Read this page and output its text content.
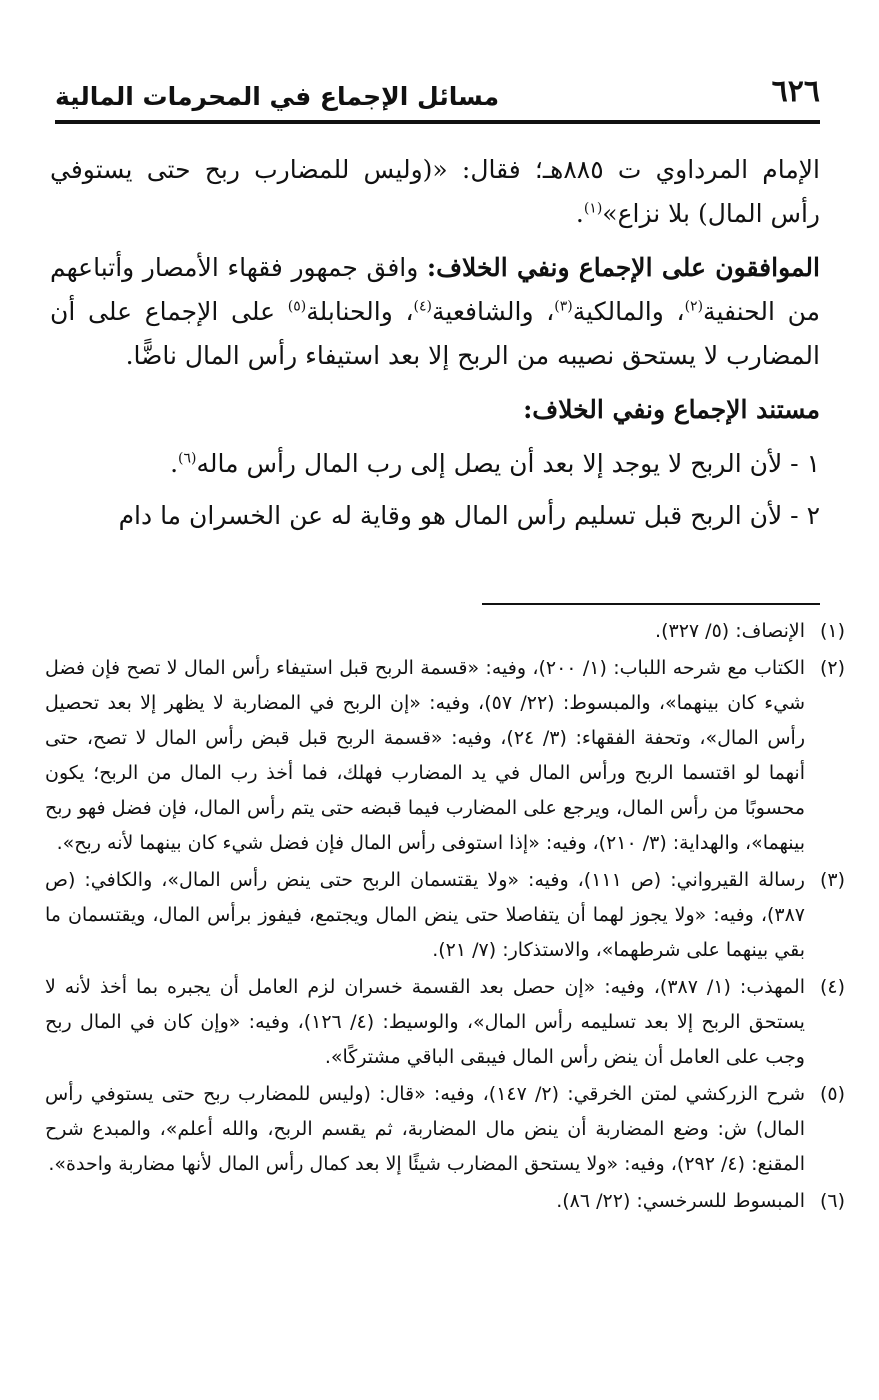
٦٢٦
مسائل الإجماع في المحرمات المالية

الإمام المرداوي ت ٨٨٥هـ؛ فقال: «(وليس للمضارب ربح حتى يستوفي رأس المال) بلا نزاع»$^{(١)}$.

الموافقون على الإجماع ونفي الخلاف: وافق جمهور فقهاء الأمصار وأتباعهم من الحنفية$^{(٢)}$، والمالكية$^{(٣)}$، والشافعية$^{(٤)}$، والحنابلة$^{(٥)}$ على الإجماع على أن المضارب لا يستحق نصيبه من الربح إلا بعد استيفاء رأس المال ناضًّا.

مستند الإجماع ونفي الخلاف:

١ - لأن الربح لا يوجد إلا بعد أن يصل إلى رب المال رأس ماله$^{(٦)}$.

٢ - لأن الربح قبل تسليم رأس المال هو وقاية له عن الخسران ما دام

(١)
الإنصاف: (٥/ ٣٢٧).
(٢)
الكتاب مع شرحه اللباب: (١/ ٢٠٠)، وفيه: «قسمة الربح قبل استيفاء رأس المال لا تصح فإن فضل شيء كان بينهما»، والمبسوط: (٢٢/ ٥٧)، وفيه: «إن الربح في المضاربة لا يظهر إلا بعد تحصيل رأس المال»، وتحفة الفقهاء: (٣/ ٢٤)، وفيه: «قسمة الربح قبل قبض رأس المال لا تصح، حتى أنهما لو اقتسما الربح ورأس المال في يد المضارب فهلك، فما أخذ رب المال من الربح؛ يكون محسوبًا من رأس المال، ويرجع على المضارب فيما قبضه حتى يتم رأس المال، فإن فضل فهو ربح بينهما»، والهداية: (٣/ ٢١٠)، وفيه: «إذا استوفى رأس المال فإن فضل شيء كان بينهما لأنه ربح».
(٣)
رسالة القيرواني: (ص ١١١)، وفيه: «ولا يقتسمان الربح حتى ينض رأس المال»، والكافي: (ص ٣٨٧)، وفيه: «ولا يجوز لهما أن يتفاصلا حتى ينض المال ويجتمع، فيفوز برأس المال، ويقتسمان ما بقي بينهما على شرطهما»، والاستذكار: (٧/ ٢١).
(٤)
المهذب: (١/ ٣٨٧)، وفيه: «إن حصل بعد القسمة خسران لزم العامل أن يجبره بما أخذ لأنه لا يستحق الربح إلا بعد تسليمه رأس المال»، والوسيط: (٤/ ١٢٦)، وفيه: «وإن كان في المال ربح وجب على العامل أن ينض رأس المال فيبقى الباقي مشتركًا».
(٥)
شرح الزركشي لمتن الخرقي: (٢/ ١٤٧)، وفيه: «قال: (وليس للمضارب ربح حتى يستوفي رأس المال) ش: وضع المضاربة أن ينض مال المضاربة، ثم يقسم الربح، والله أعلم»، والمبدع شرح المقنع: (٤/ ٢٩٢)، وفيه: «ولا يستحق المضارب شيئًا إلا بعد كمال رأس المال لأنها مضاربة واحدة».
(٦)
المبسوط للسرخسي: (٢٢/ ٨٦).
